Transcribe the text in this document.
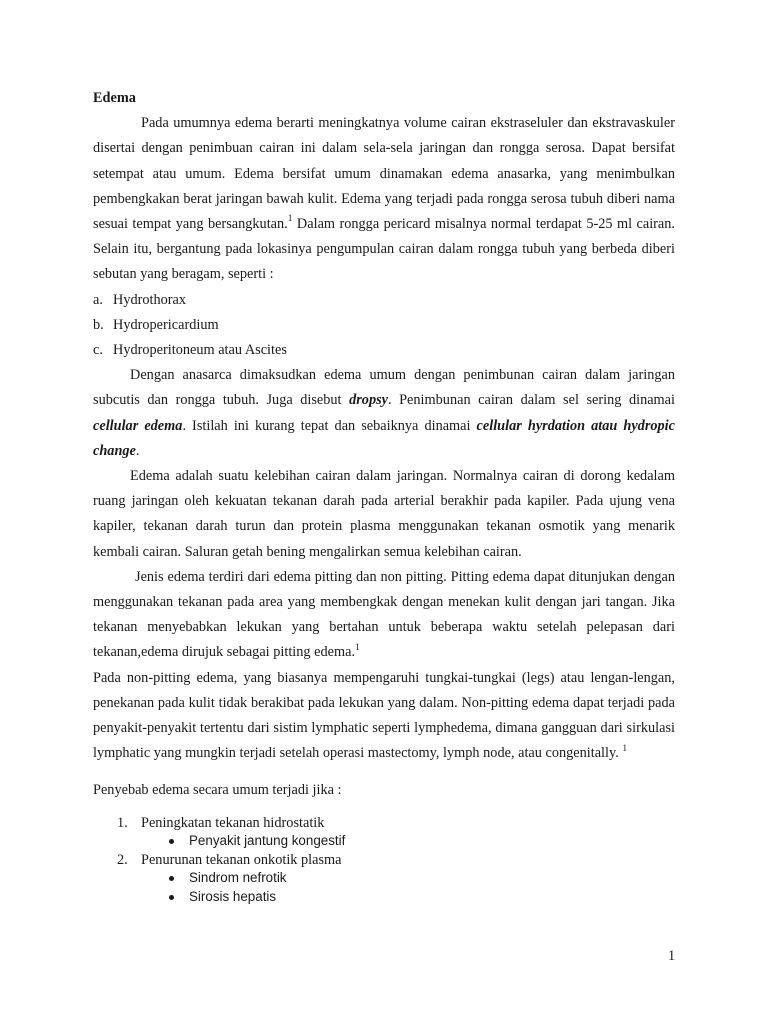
Edema

Pada umumnya edema berarti meningkatnya volume cairan ekstraseluler dan ekstravaskuler disertai dengan penimbuan cairan ini dalam sela-sela jaringan dan rongga serosa. Dapat bersifat setempat atau umum. Edema bersifat umum dinamakan edema anasarka, yang menimbulkan pembengkakan berat jaringan bawah kulit. Edema yang terjadi pada rongga serosa tubuh diberi nama sesuai tempat yang bersangkutan.$^1$ Dalam rongga pericard misalnya normal terdapat 5-25 ml cairan. Selain itu, bergantung pada lokasinya pengumpulan cairan dalam rongga tubuh yang berbeda diberi sebutan yang beragam, seperti :

a. Hydrothorax
b. Hydropericardium
c. Hydroperitoneum atau Ascites

Dengan anasarca dimaksudkan edema umum dengan penimbunan cairan dalam jaringan subcutis dan rongga tubuh. Juga disebut dropsy. Penimbunan cairan dalam sel sering dinamai cellular edema. Istilah ini kurang tepat dan sebaiknya dinamai cellular hyrdation atau hydropic change.

Edema adalah suatu kelebihan cairan dalam jaringan. Normalnya cairan di dorong kedalam ruang jaringan oleh kekuatan tekanan darah pada arterial berakhir pada kapiler. Pada ujung vena kapiler, tekanan darah turun dan protein plasma menggunakan tekanan osmotik yang menarik kembali cairan. Saluran getah bening mengalirkan semua kelebihan cairan.

Jenis edema terdiri dari edema pitting dan non pitting. Pitting edema dapat ditunjukan dengan menggunakan tekanan pada area yang membengkak dengan menekan kulit dengan jari tangan. Jika tekanan menyebabkan lekukan yang bertahan untuk beberapa waktu setelah pelepasan dari tekanan,edema dirujuk sebagai pitting edema.$^1$

Pada non-pitting edema, yang biasanya mempengaruhi tungkai-tungkai (legs) atau lengan-lengan, penekanan pada kulit tidak berakibat pada lekukan yang dalam. Non-pitting edema dapat terjadi pada penyakit-penyakit tertentu dari sistim lymphatic seperti lymphedema, dimana gangguan dari sirkulasi lymphatic yang mungkin terjadi setelah operasi mastectomy, lymph node, atau congenitally. $^1$

Penyebab edema secara umum terjadi jika :

1. Peningkatan tekanan hidrostatik
Penyakit jantung kongestif
2. Penurunan tekanan onkotik plasma
Sindrom nefrotik
Sirosis hepatis
1
